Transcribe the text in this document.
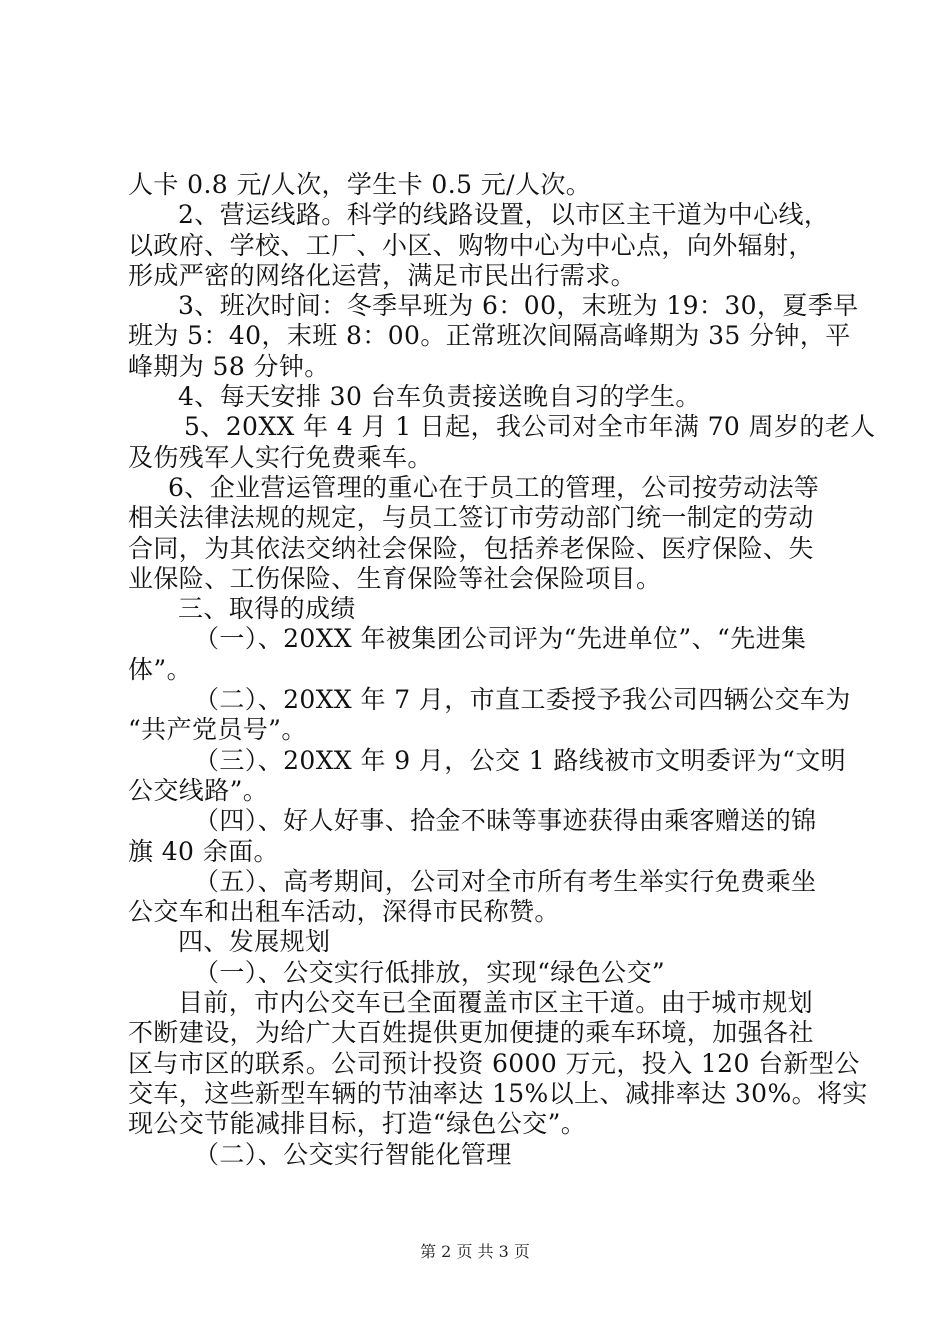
人卡 0.8 元/人次，学生卡 0.5 元/人次。
2、营运线路。科学的线路设置，以市区主干道为中心线，
以政府、学校、工厂、小区、购物中心为中心点，向外辐射，
形成严密的网络化运营，满足市民出行需求。
3、班次时间：冬季早班为 6：00，末班为 19：30，夏季早
班为 5：40，末班 8：00。正常班次间隔高峰期为 35 分钟，平
峰期为 58 分钟。
4、每天安排 30 台车负责接送晚自习的学生。
5、20XX 年 4 月 1 日起，我公司对全市年满 70 周岁的老人
及伤残军人实行免费乘车。
6、企业营运管理的重心在于员工的管理，公司按劳动法等
相关法律法规的规定，与员工签订市劳动部门统一制定的劳动
合同，为其依法交纳社会保险，包括养老保险、医疗保险、失
业保险、工伤保险、生育保险等社会保险项目。
三、取得的成绩
（一）、20XX 年被集团公司评为“先进单位”、“先进集
体”。
（二）、20XX 年 7 月，市直工委授予我公司四辆公交车为
“共产党员号”。
（三）、20XX 年 9 月，公交 1 路线被市文明委评为“文明
公交线路”。
（四）、好人好事、拾金不昧等事迹获得由乘客赠送的锦
旗 40 余面。
（五）、高考期间，公司对全市所有考生举实行免费乘坐
公交车和出租车活动，深得市民称赞。
四、发展规划
（一）、公交实行低排放，实现“绿色公交”
目前，市内公交车已全面覆盖市区主干道。由于城市规划
不断建设，为给广大百姓提供更加便捷的乘车环境，加强各社
区与市区的联系。公司预计投资 6000 万元，投入 120 台新型公
交车，这些新型车辆的节油率达 15%以上、减排率达 30%。将实
现公交节能减排目标，打造“绿色公交”。
（二）、公交实行智能化管理
第 2 页 共 3 页
